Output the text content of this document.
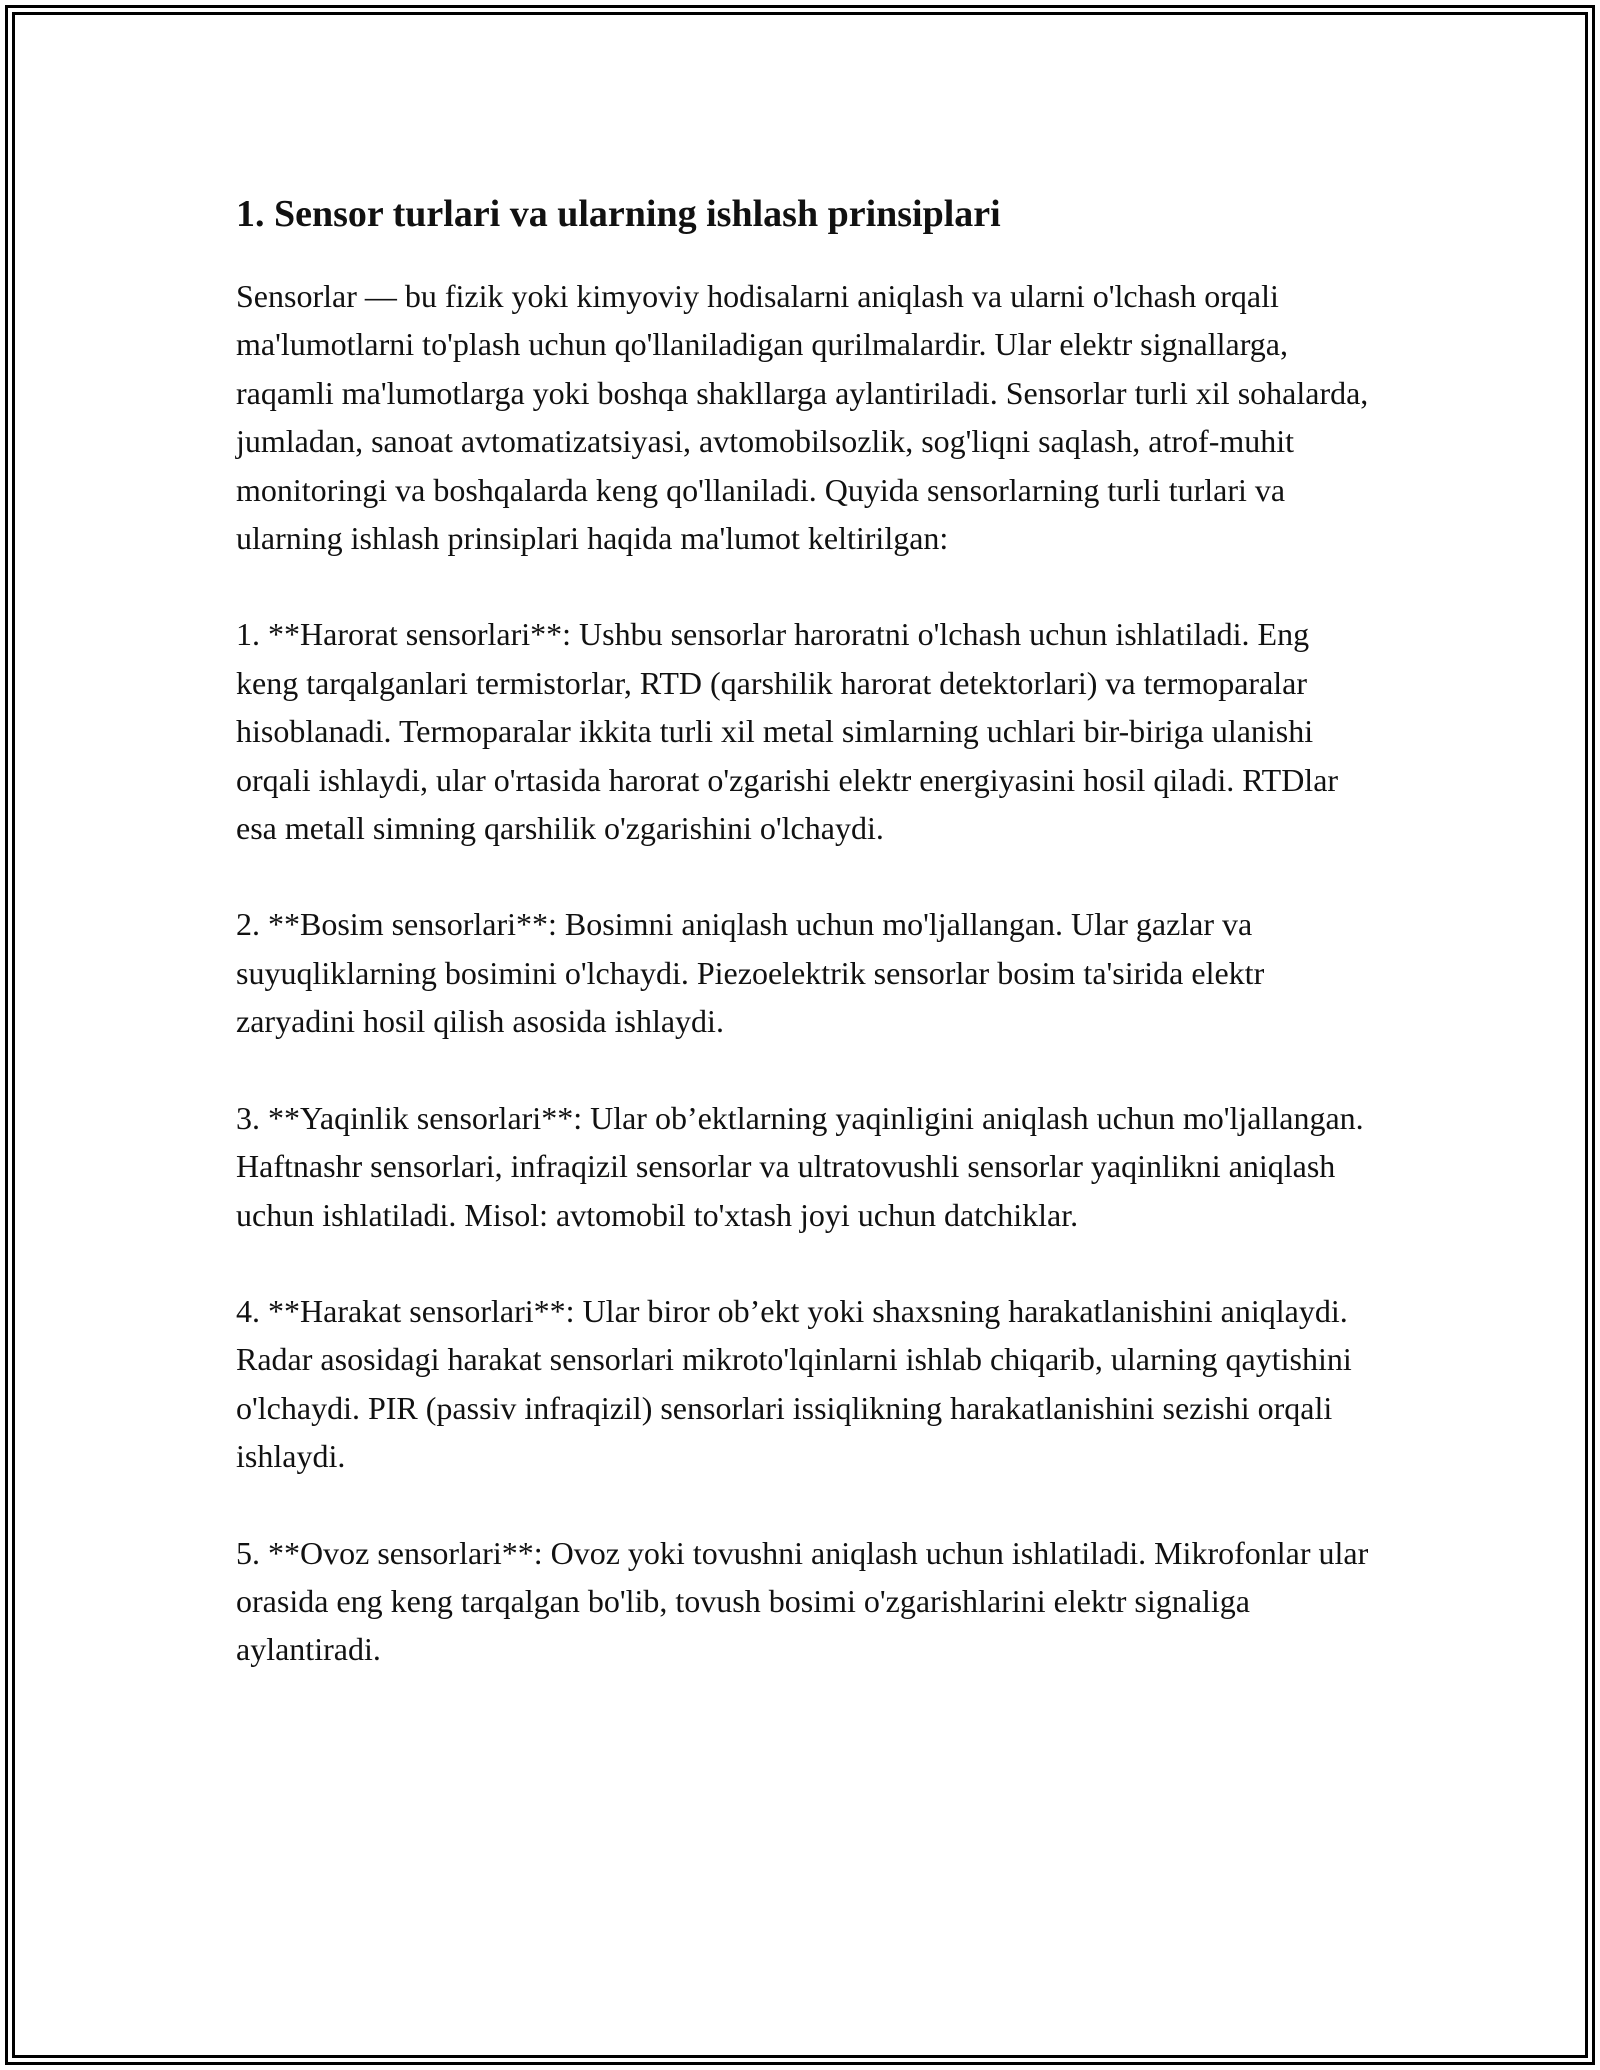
1. Sensor turlari va ularning ishlash prinsiplari

Sensorlar — bu fizik yoki kimyoviy hodisalarni aniqlash va ularni o'lchash orqali ma'lumotlarni to'plash uchun qo'llaniladigan qurilmalardir. Ular elektr signallarga, raqamli ma'lumotlarga yoki boshqa shakllarga aylantiriladi. Sensorlar turli xil sohalarda, jumladan, sanoat avtomatizatsiyasi, avtomobilsozlik, sog'liqni saqlash, atrof-muhit monitoringi va boshqalarda keng qo'llaniladi. Quyida sensorlarning turli turlari va ularning ishlash prinsiplari haqida ma'lumot keltirilgan:

1. **Harorat sensorlari**: Ushbu sensorlar haroratni o'lchash uchun ishlatiladi. Eng keng tarqalganlari termistorlar, RTD (qarshilik harorat detektorlari) va termoparalar hisoblanadi. Termoparalar ikkita turli xil metal simlarning uchlari bir-biriga ulanishi orqali ishlaydi, ular o'rtasida harorat o'zgarishi elektr energiyasini hosil qiladi. RTDlar esa metall simning qarshilik o'zgarishini o'lchaydi.

2. **Bosim sensorlari**: Bosimni aniqlash uchun mo'ljallangan. Ular gazlar va suyuqliklarning bosimini o'lchaydi. Piezoelektrik sensorlar bosim ta'sirida elektr zaryadini hosil qilish asosida ishlaydi.

3. **Yaqinlik sensorlari**: Ular ob’ektlarning yaqinligini aniqlash uchun mo'ljallangan. Haftnashr sensorlari, infraqizil sensorlar va ultratovushli sensorlar yaqinlikni aniqlash uchun ishlatiladi. Misol: avtomobil to'xtash joyi uchun datchiklar.

4. **Harakat sensorlari**: Ular biror ob’ekt yoki shaxsning harakatlanishini aniqlaydi. Radar asosidagi harakat sensorlari mikroto'lqinlarni ishlab chiqarib, ularning qaytishini o'lchaydi. PIR (passiv infraqizil) sensorlari issiqlikning harakatlanishini sezishi orqali ishlaydi.

5. **Ovoz sensorlari**: Ovoz yoki tovushni aniqlash uchun ishlatiladi. Mikrofonlar ular orasida eng keng tarqalgan bo'lib, tovush bosimi o'zgarishlarini elektr signaliga aylantiradi.
